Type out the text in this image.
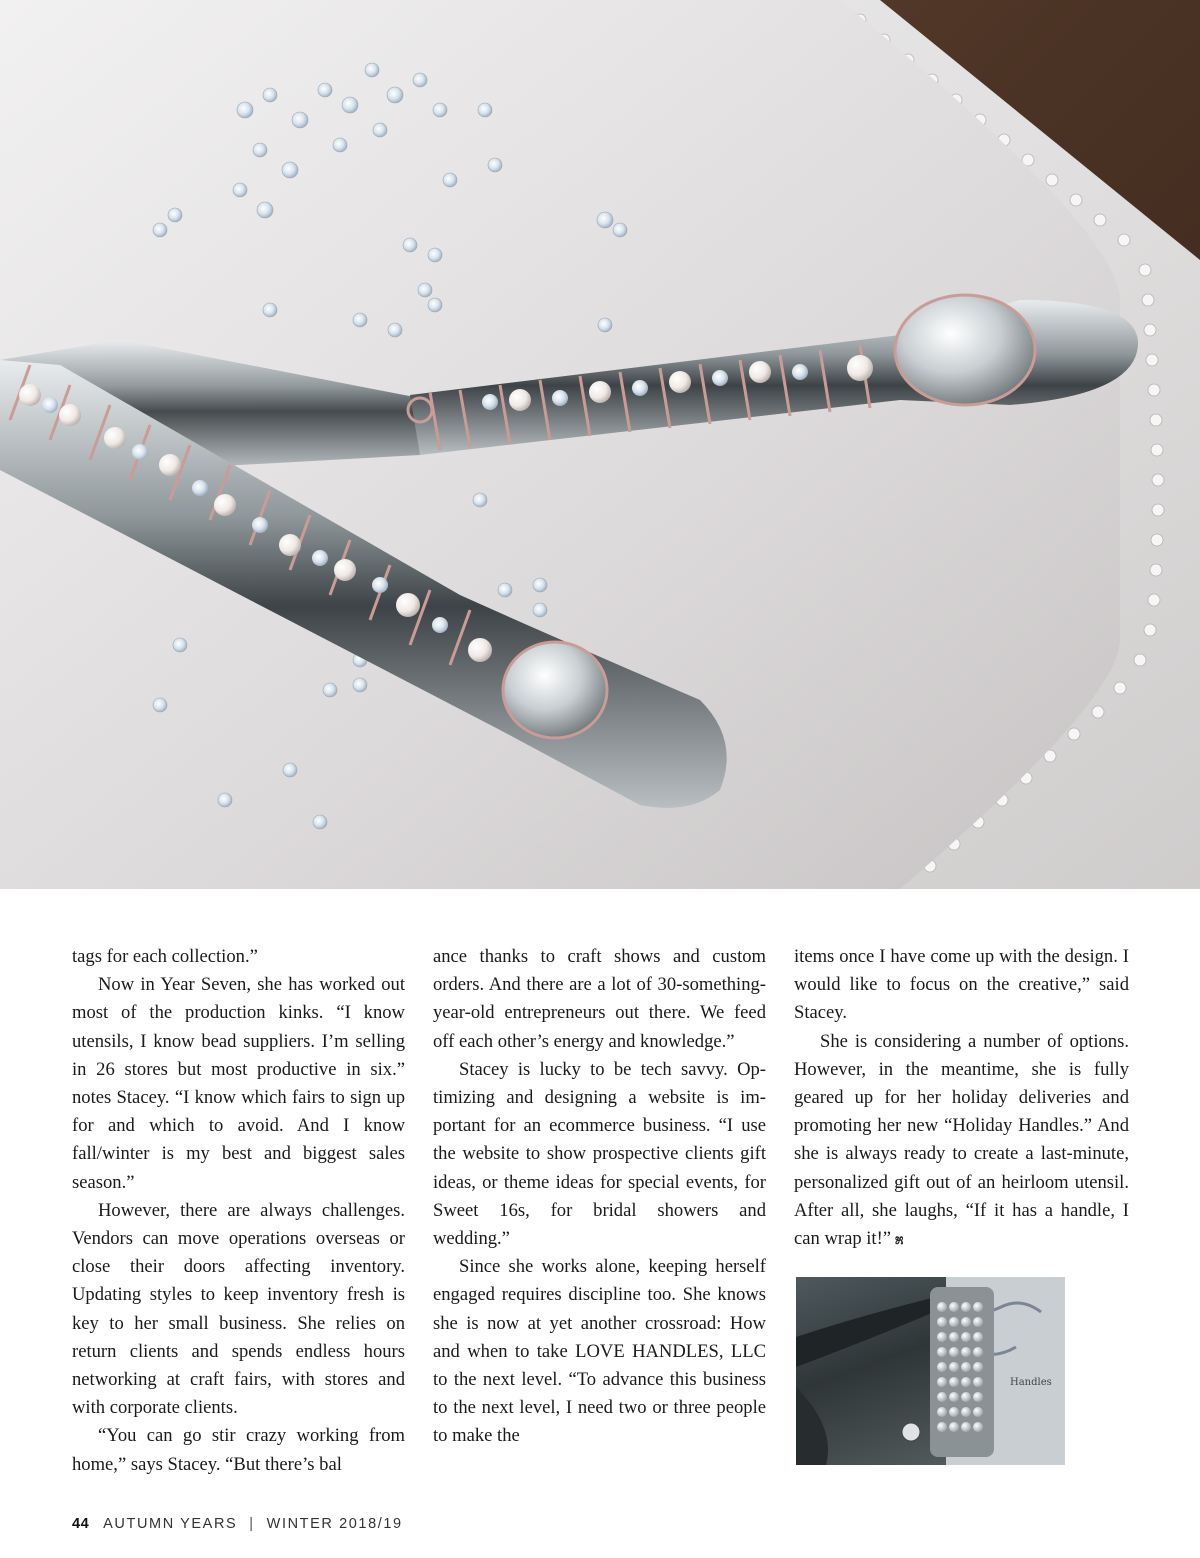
tags for each collection.”

Now in Year Seven, she has worked out most of the production kinks. “I know utensils, I know bead suppliers. I’m selling in 26 stores but most productive in six.” notes Stacey. “I know which fairs to sign up for and which to avoid. And I know fall/winter is my best and biggest sales season.”

However, there are always challenges. Vendors can move operations overseas or close their doors affecting inventory. Updating styles to keep inventory fresh is key to her small business. She relies on return clients and spends endless hours networking at craft fairs, with stores and with corporate clients.

“You can go stir crazy working from home,” says Stacey. “But there’s bal

ance thanks to craft shows and custom orders. And there are a lot of 30-something-year-old entrepreneurs out there. We feed off each other’s energy and knowledge.”

Stacey is lucky to be tech savvy. Optimizing and designing a website is important for an ecommerce business. “I use the website to show prospective clients gift ideas, or theme ideas for special events, for Sweet 16s, for bridal showers and wedding.”

Since she works alone, keeping herself engaged requires discipline too. She knows she is now at yet another crossroad: How and when to take LOVE HANDLES, LLC to the next level. “To advance this business to the next level, I need two or three people to make the

items once I have come up with the design. I would like to focus on the creative,” said Stacey.

She is considering a number of options. However, in the meantime, she is fully geared up for her holiday deliveries and promoting her new “Holiday Handles.” And she is always ready to create a last-minute, personalized gift out of an heirloom utensil. After all, she laughs, “If it has a handle, I can wrap it!” ೫

Handles
44 AUTUMN YEARS | WINTER 2018/19
